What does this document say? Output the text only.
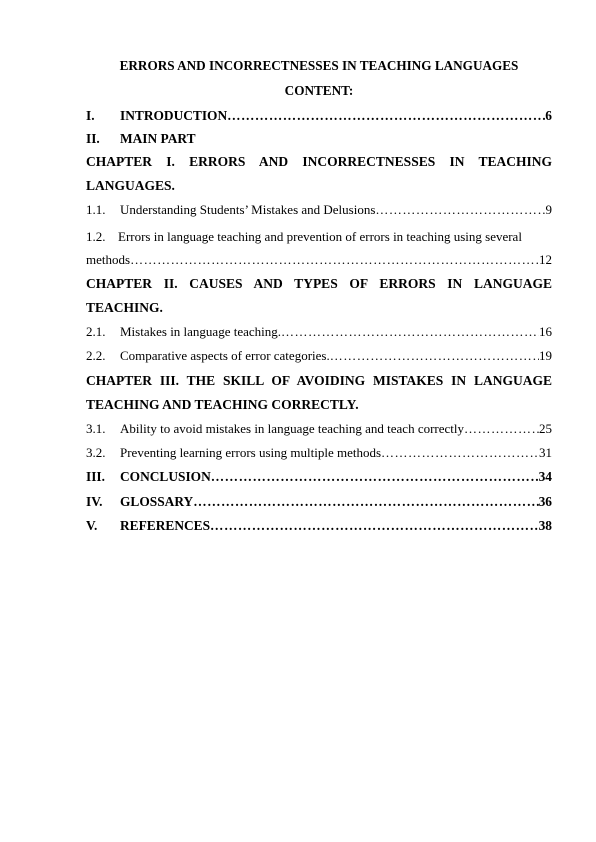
ERRORS AND INCORRECTNESSES IN TEACHING LANGUAGES
CONTENT:
I. INTRODUCTION …………………………………………………………………………………………………………………………………………………………………………	6
II. MAIN PART
CHAPTER I. ERRORS AND INCORRECTNESSES IN TEACHING
LANGUAGES.
1.1. Understanding Students’ Mistakes and Delusions …………………………………………………………………………………………………………………………………………………………………………	9
1.2. Errors in language teaching and prevention of errors in teaching using several
methods …………………………………………………………………………………………………………………………………………………………………………	12
CHAPTER II. CAUSES AND TYPES OF ERRORS IN LANGUAGE
TEACHING.
2.1. Mistakes in language teaching. …………………………………………………………………………………………………………………………………………………………………………	16
2.2. Comparative aspects of error categories. …………………………………………………………………………………………………………………………………………………………………………	19
CHAPTER III. THE SKILL OF AVOIDING MISTAKES IN LANGUAGE
TEACHING AND TEACHING CORRECTLY.
3.1. Ability to avoid mistakes in language teaching and teach correctly …………………………………………………………………………………………………………………………………………………………………………	25
3.2. Preventing learning errors using multiple methods …………………………………………………………………………………………………………………………………………………………………………	31
III. CONCLUSION …………………………………………………………………………………………………………………………………………………………………………	34
IV. GLOSSARY …………………………………………………………………………………………………………………………………………………………………………	36
V. REFERENCES …………………………………………………………………………………………………………………………………………………………………………	38
